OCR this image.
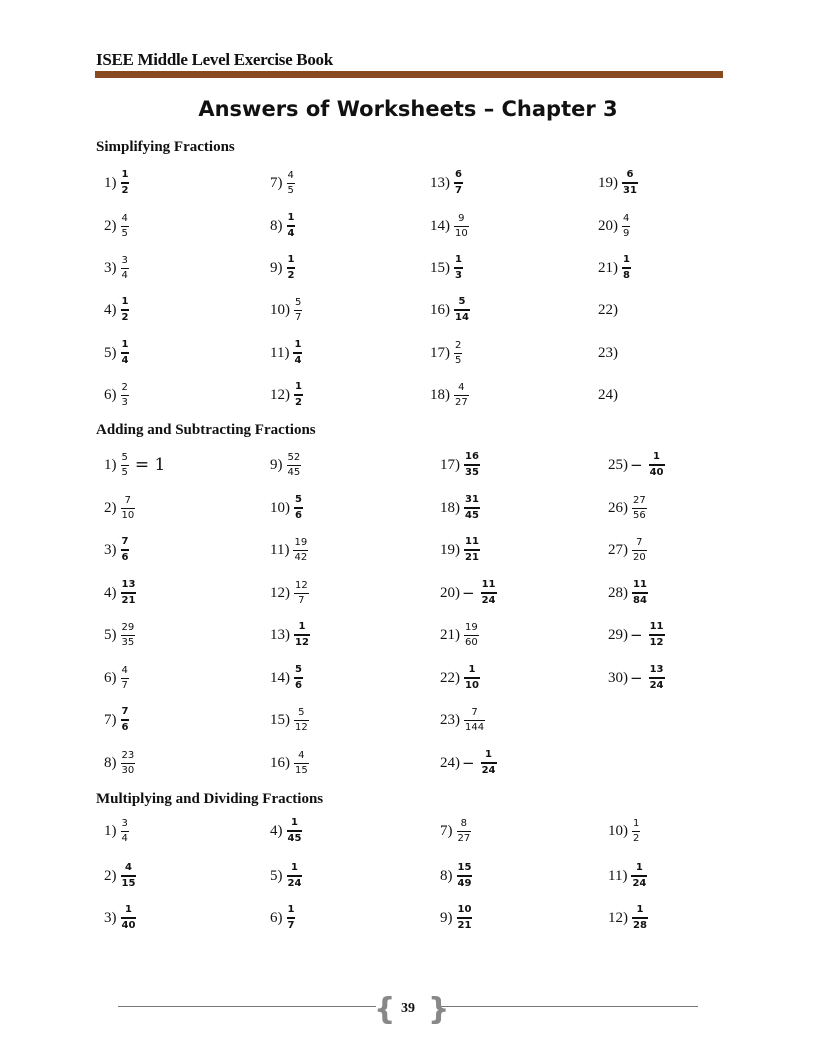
ISEE Middle Level Exercise Book
Answers of Worksheets – Chapter 3
Simplifying Fractions
Adding and Subtracting Fractions
Multiplying and Dividing Fractions
$1) \frac{1}{2}$
$2) \frac{4}{5}$
$3) \frac{3}{4}$
$4) \frac{1}{2}$
$5) \frac{1}{4}$
$6) \frac{2}{3}$
$7) \frac{4}{5}$
$8) \frac{1}{4}$
$9) \frac{1}{2}$
$10) \frac{5}{7}$
$11) \frac{1}{4}$
$12) \frac{1}{2}$
$13) \frac{6}{7}$
$14) \frac{9}{10}$
$15) \frac{1}{3}$
$16) \frac{5}{14}$
$17) \frac{2}{5}$
$18) \frac{4}{27}$
$19) \frac{6}{31}$
$20) \frac{4}{9}$
$21) \frac{1}{8}$
22)
23)
24)
$1) \frac{5}{5} = 1$
$2) \frac{7}{10}$
$3) \frac{7}{6}$
$4) \frac{13}{21}$
$5) \frac{29}{35}$
$6) \frac{4}{7}$
$7) \frac{7}{6}$
$8) \frac{23}{30}$
$9) \frac{52}{45}$
$10) \frac{5}{6}$
$11) \frac{19}{42}$
$12) \frac{12}{7}$
$13) \frac{1}{12}$
$14) \frac{5}{6}$
$15) \frac{5}{12}$
$16) \frac{4}{15}$
$17) \frac{16}{35}$
$18) \frac{31}{45}$
$19) \frac{11}{21}$
$20) - \frac{11}{24}$
$21) \frac{19}{60}$
$22) \frac{1}{10}$
$23) \frac{7}{144}$
$24) - \frac{1}{24}$
$25) - \frac{1}{40}$
$26) \frac{27}{56}$
$27) \frac{7}{20}$
$28) \frac{11}{84}$
$29) - \frac{11}{12}$
$30) - \frac{13}{24}$
$1) \frac{3}{4}$
$2) \frac{4}{15}$
$3) \frac{1}{40}$
$4) \frac{1}{45}$
$5) \frac{1}{24}$
$6) \frac{1}{7}$
$7) \frac{8}{27}$
$8) \frac{15}{49}$
$9) \frac{10}{21}$
$10) \frac{1}{2}$
$11) \frac{1}{24}$
$12) \frac{1}{28}$
{ }
39
